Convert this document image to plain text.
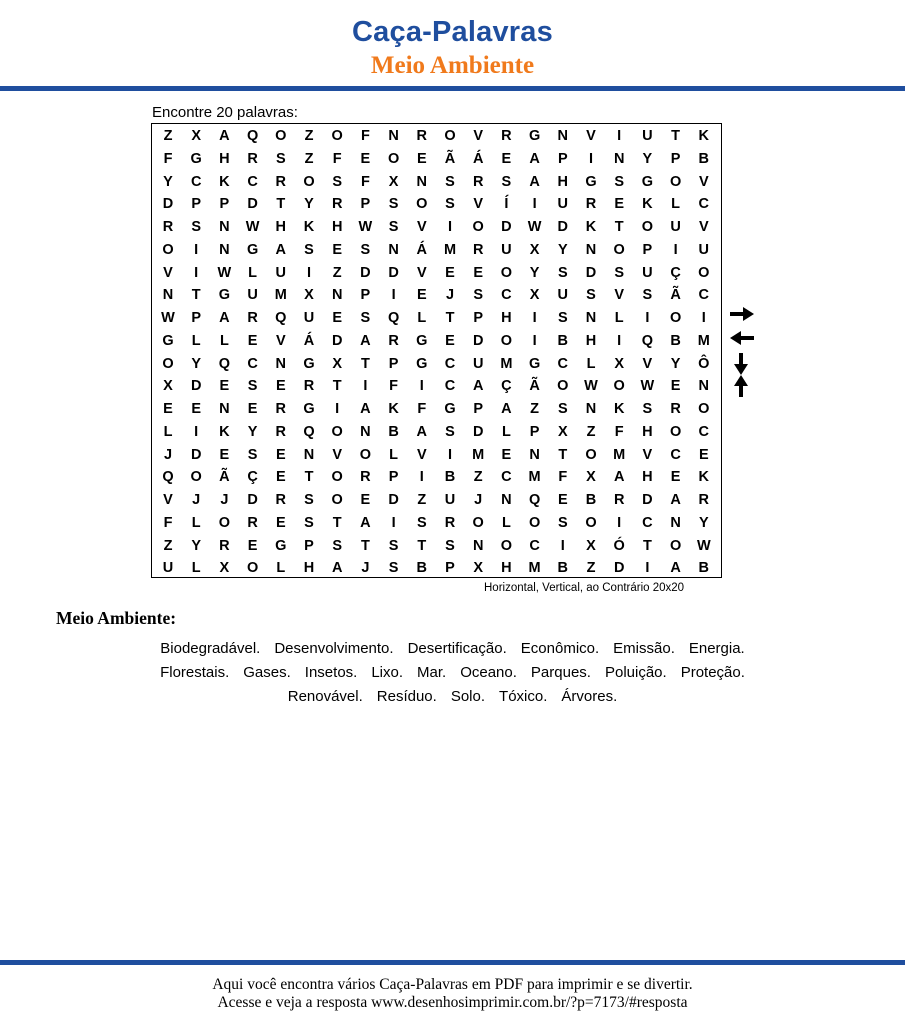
Caça-Palavras
Meio Ambiente
Encontre 20 palavras:
Z	X	A	Q	O	Z	O	F	N	R	O	V	R	G	N	V	I	U	T	K
F	G	H	R	S	Z	F	E	O	E	Ã	Á	E	A	P	I	N	Y	P	B
Y	C	K	C	R	O	S	F	X	N	S	R	S	A	H	G	S	G	O	V
D	P	P	D	T	Y	R	P	S	O	S	V	Í	I	U	R	E	K	L	C
R	S	N	W	H	K	H	W	S	V	I	O	D	W	D	K	T	O	U	V
O	I	N	G	A	S	E	S	N	Á	M	R	U	X	Y	N	O	P	I	U
V	I	W	L	U	I	Z	D	D	V	E	E	O	Y	S	D	S	U	Ç	O
N	T	G	U	M	X	N	P	I	E	J	S	C	X	U	S	V	S	Ã	C
W	P	A	R	Q	U	E	S	Q	L	T	P	H	I	S	N	L	I	O	I
G	L	L	E	V	Á	D	A	R	G	E	D	O	I	B	H	I	Q	B	M
O	Y	Q	C	N	G	X	T	P	G	C	U	M	G	C	L	X	V	Y	Ô
X	D	E	S	E	R	T	I	F	I	C	A	Ç	Ã	O	W	O	W	E	N
E	E	N	E	R	G	I	A	K	F	G	P	A	Z	S	N	K	S	R	O
L	I	K	Y	R	Q	O	N	B	A	S	D	L	P	X	Z	F	H	O	C
J	D	E	S	E	N	V	O	L	V	I	M	E	N	T	O	M	V	C	E
Q	O	Ã	Ç	E	T	O	R	P	I	B	Z	C	M	F	X	A	H	E	K
V	J	J	D	R	S	O	E	D	Z	U	J	N	Q	E	B	R	D	A	R
F	L	O	R	E	S	T	A	I	S	R	O	L	O	S	O	I	C	N	Y
Z	Y	R	E	G	P	S	T	S	T	S	N	O	C	I	X	Ó	T	O	W
U	L	X	O	L	H	A	J	S	B	P	X	H	M	B	Z	D	I	A	B
Horizontal, Vertical, ao Contrário 20x20
Meio Ambiente:
Biodegradável. Desenvolvimento. Desertificação. Econômico. Emissão. Energia.
Florestais. Gases. Insetos. Lixo. Mar. Oceano. Parques. Poluição. Proteção.
Renovável. Resíduo. Solo. Tóxico. Árvores.
Aqui você encontra vários Caça-Palavras em PDF para imprimir e se divertir.
Acesse e veja a resposta www.desenhosimprimir.com.br/?p=7173/#resposta
